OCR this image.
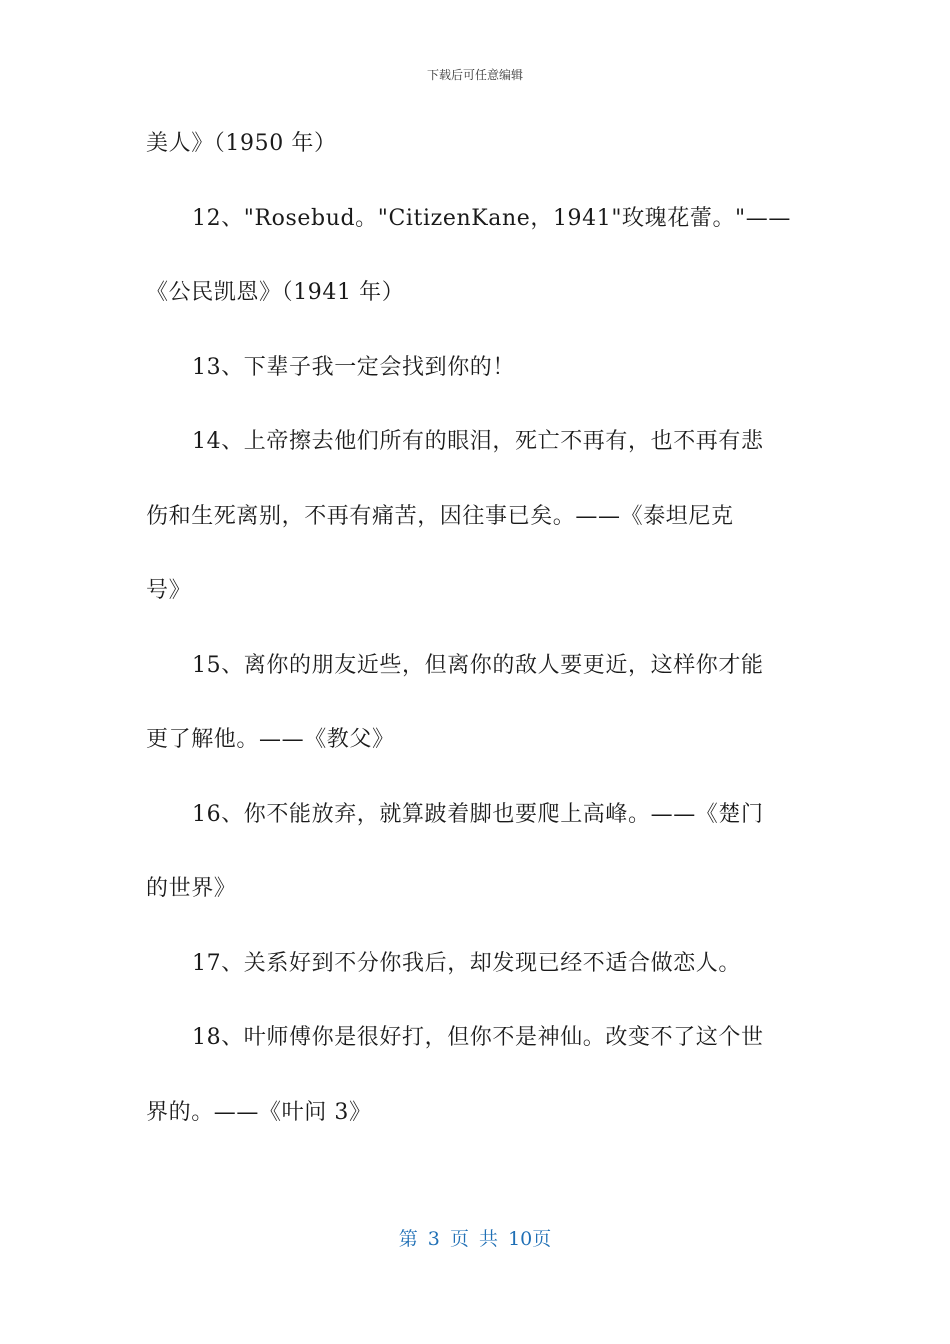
下载后可任意编辑
美人》（1950 年）
12、"Rosebud。"CitizenKane，1941"玫瑰花蕾。"——
《公民凯恩》（1941 年）
13、下辈子我一定会找到你的！
14、上帝擦去他们所有的眼泪，死亡不再有，也不再有悲
伤和生死离别，不再有痛苦，因往事已矣。——《泰坦尼克
号》
15、离你的朋友近些，但离你的敌人要更近，这样你才能
更了解他。——《教父》
16、你不能放弃，就算跛着脚也要爬上高峰。——《楚门
的世界》
17、关系好到不分你我后，却发现已经不适合做恋人。
18、叶师傅你是很好打，但你不是神仙。改变不了这个世
界的。——《叶问 3》
第 3 页 共 10页
